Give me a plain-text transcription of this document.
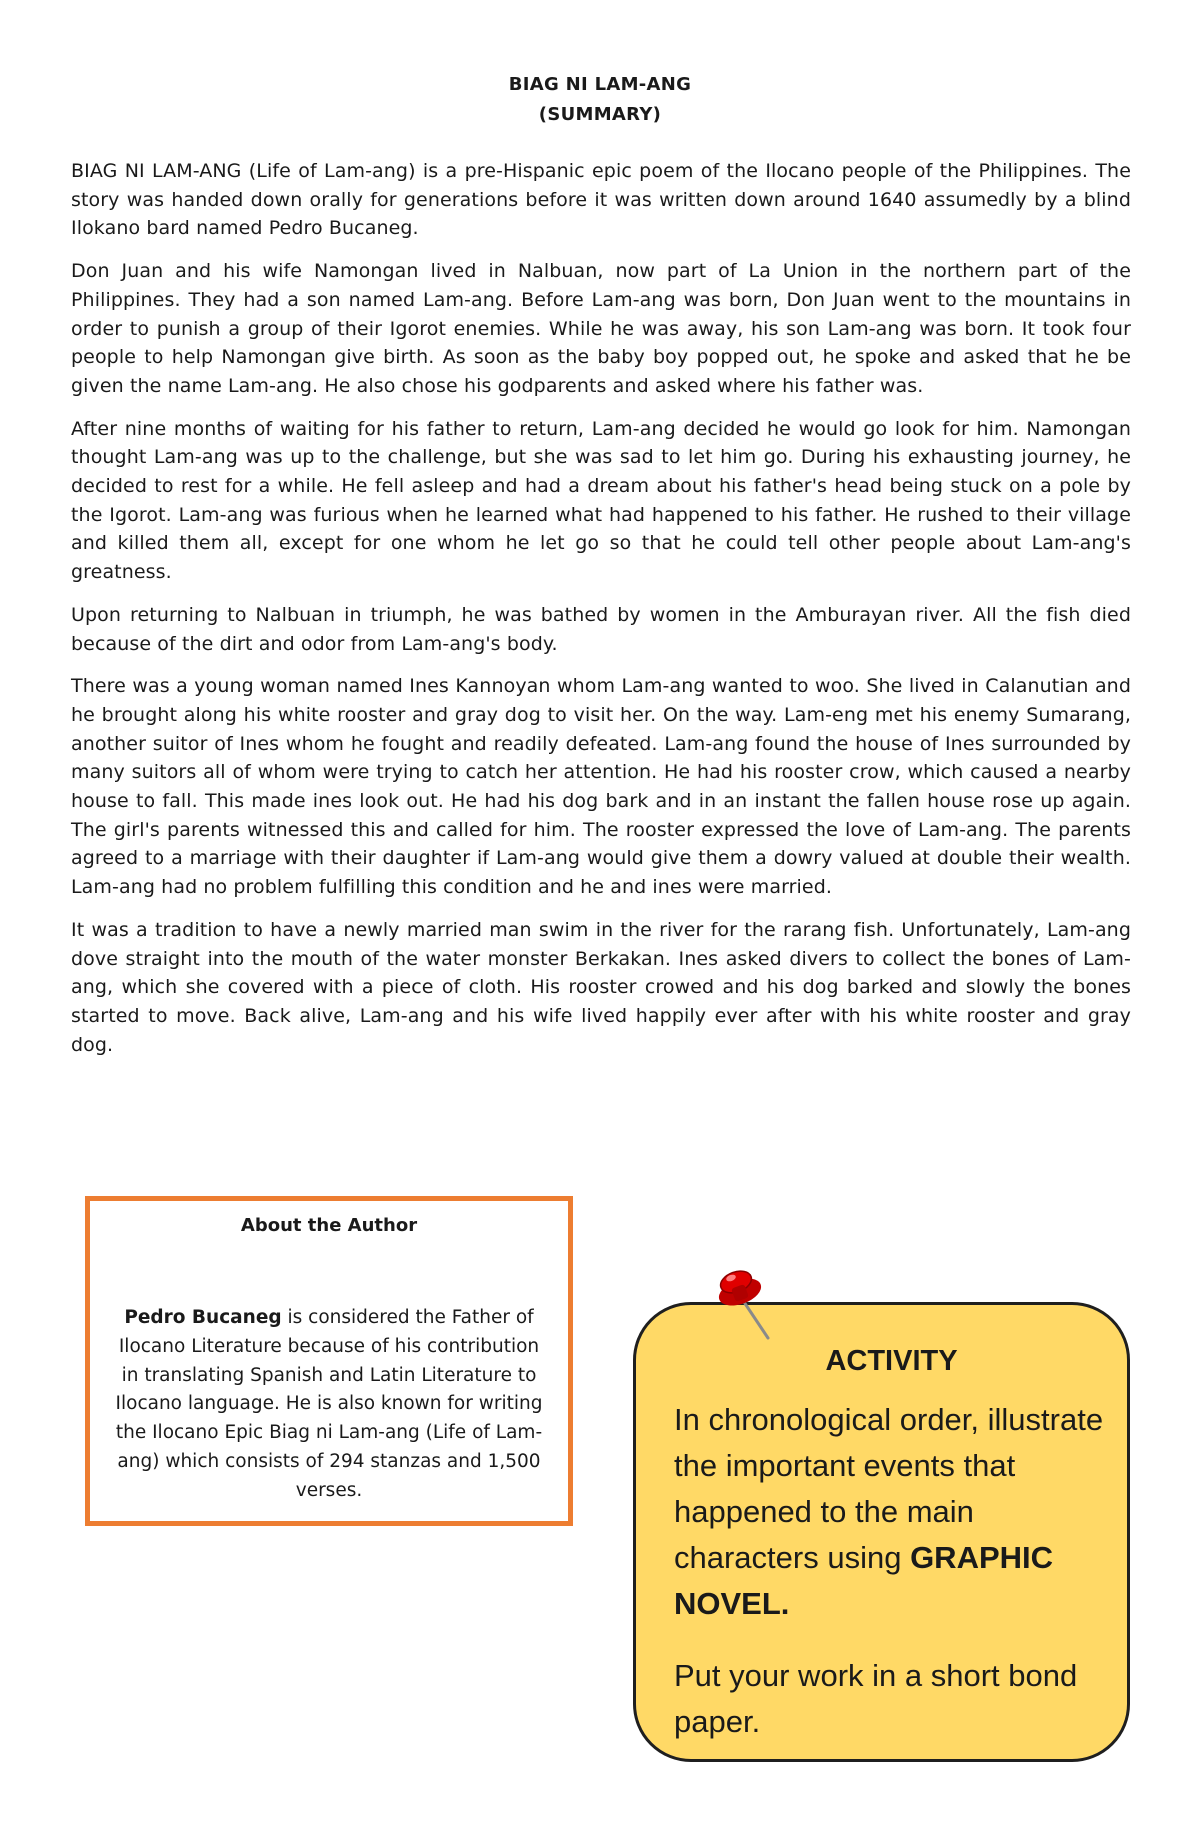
BIAG NI LAM-ANG
(SUMMARY)

BIAG NI LAM-ANG (Life of Lam-ang) is a pre-Hispanic epic poem of the Ilocano people of the Philippines. The story was handed down orally for generations before it was written down around 1640 assumedly by a blind Ilokano bard named Pedro Bucaneg.

Don Juan and his wife Namongan lived in Nalbuan, now part of La Union in the northern part of the Philippines. They had a son named Lam-ang. Before Lam-ang was born, Don Juan went to the mountains in order to punish a group of their Igorot enemies. While he was away, his son Lam-ang was born. It took four people to help Namongan give birth. As soon as the baby boy popped out, he spoke and asked that he be given the name Lam-ang. He also chose his godparents and asked where his father was.

After nine months of waiting for his father to return, Lam-ang decided he would go look for him. Namongan thought Lam-ang was up to the challenge, but she was sad to let him go. During his exhausting journey, he decided to rest for a while. He fell asleep and had a dream about his father's head being stuck on a pole by the Igorot. Lam-ang was furious when he learned what had happened to his father. He rushed to their village and killed them all, except for one whom he let go so that he could tell other people about Lam-ang's greatness.

Upon returning to Nalbuan in triumph, he was bathed by women in the Amburayan river. All the fish died because of the dirt and odor from Lam-ang's body.

There was a young woman named Ines Kannoyan whom Lam-ang wanted to woo. She lived in Calanutian and he brought along his white rooster and gray dog to visit her. On the way. Lam-eng met his enemy Sumarang, another suitor of Ines whom he fought and readily defeated. Lam-ang found the house of Ines surrounded by many suitors all of whom were trying to catch her attention. He had his rooster crow, which caused a nearby house to fall. This made ines look out. He had his dog bark and in an instant the fallen house rose up again. The girl's parents witnessed this and called for him. The rooster expressed the love of Lam-ang. The parents agreed to a marriage with their daughter if Lam-ang would give them a dowry valued at double their wealth. Lam-ang had no problem fulfilling this condition and he and ines were married.

It was a tradition to have a newly married man swim in the river for the rarang fish. Unfortunately, Lam-ang dove straight into the mouth of the water monster Berkakan. Ines asked divers to collect the bones of Lam-ang, which she covered with a piece of cloth. His rooster crowed and his dog barked and slowly the bones started to move. Back alive, Lam-ang and his wife lived happily ever after with his white rooster and gray dog.

About the Author
Pedro Bucaneg is considered the Father of Ilocano Literature because of his contribution in translating Spanish and Latin Literature to Ilocano language. He is also known for writing the Ilocano Epic Biag ni Lam-ang (Life of Lam-ang) which consists of 294 stanzas and 1,500 verses.
ACTIVITY
In chronological order, illustrate the important events that happened to the main characters using GRAPHIC NOVEL.
Put your work in a short bond paper.
